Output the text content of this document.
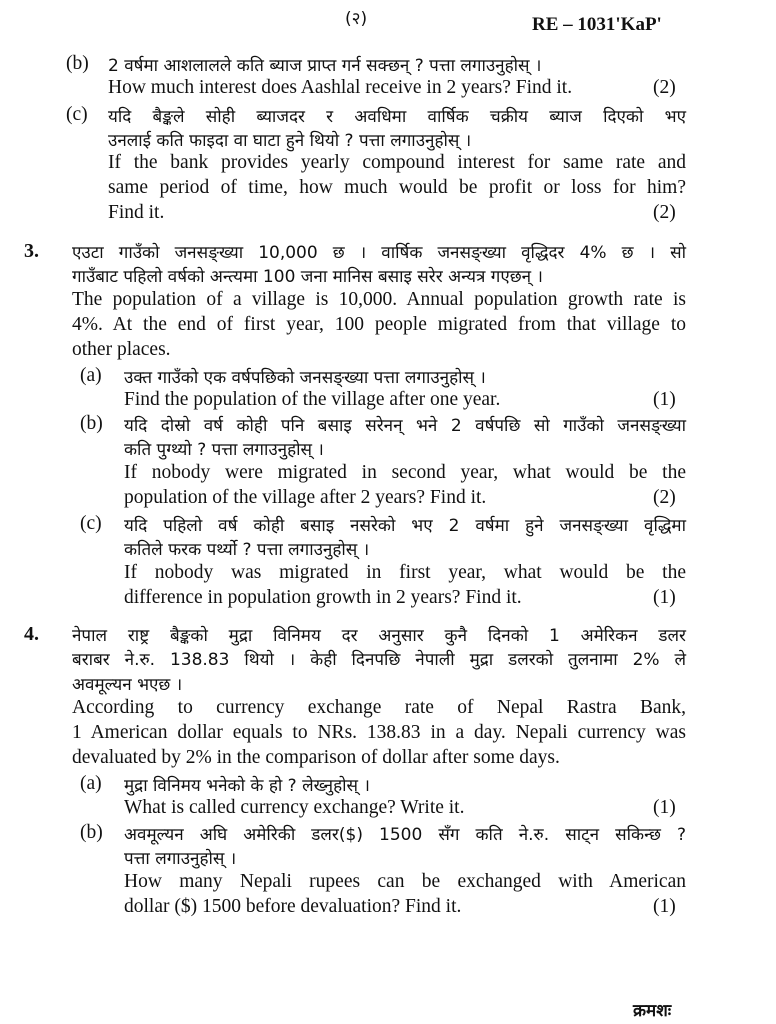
(२)	RE – 1031'KaP'
(b) 2 वर्षमा आशलालले कति ब्याज प्राप्त गर्न सक्छन् ? पत्ता लगाउनुहोस् ।
How much interest does Aashlal receive in 2 years? Find it.	(2)
(c) यदि बैङ्कले सोही ब्याजदर र अवधिमा वार्षिक चक्रीय ब्याज दिएको भए
उनलाई कति फाइदा वा घाटा हुने थियो ? पत्ता लगाउनुहोस् ।
If the bank provides yearly compound interest for same rate and
same period of time, how much would be profit or loss for him?
Find it.	(2)
3. एउटा गाउँको जनसङ्ख्या 10,000 छ । वार्षिक जनसङ्ख्या वृद्धिदर 4% छ । सो
गाउँबाट पहिलो वर्षको अन्त्यमा 100 जना मानिस बसाइ सरेर अन्यत्र गएछन् ।
The population of a village is 10,000. Annual population growth rate is
4%. At the end of first year, 100 people migrated from that village to
other places.
(a) उक्त गाउँको एक वर्षपछिको जनसङ्ख्या पत्ता लगाउनुहोस् ।
Find the population of the village after one year.	(1)
(b) यदि दोस्रो वर्ष कोही पनि बसाइ सरेनन् भने 2 वर्षपछि सो गाउँको जनसङ्ख्या
कति पुग्थ्यो ? पत्ता लगाउनुहोस् ।
If nobody were migrated in second year, what would be the
population of the village after 2 years? Find it.	(2)
(c) यदि पहिलो वर्ष कोही बसाइ नसरेको भए 2 वर्षमा हुने जनसङ्ख्या वृद्धिमा
कतिले फरक पर्थ्यो ? पत्ता लगाउनुहोस् ।
If nobody was migrated in first year, what would be the
difference in population growth in 2 years? Find it.	(1)
4. नेपाल राष्ट्र बैङ्कको मुद्रा विनिमय दर अनुसार कुनै दिनको 1 अमेरिकन डलर
बराबर ने.रु. 138.83 थियो । केही दिनपछि नेपाली मुद्रा डलरको तुलनामा 2% ले
अवमूल्यन भएछ ।
According to currency exchange rate of Nepal Rastra Bank,
1 American dollar equals to NRs. 138.83 in a day. Nepali currency was
devaluated by 2% in the comparison of dollar after some days.
(a) मुद्रा विनिमय भनेको के हो ? लेख्नुहोस् ।
What is called currency exchange? Write it.	(1)
(b) अवमूल्यन अघि अमेरिकी डलर($) 1500 सँग कति ने.रु. साट्न सकिन्छ ?
पत्ता लगाउनुहोस् ।
How many Nepali rupees can be exchanged with American
dollar ($) 1500 before devaluation? Find it.	(1)
क्रमशः
